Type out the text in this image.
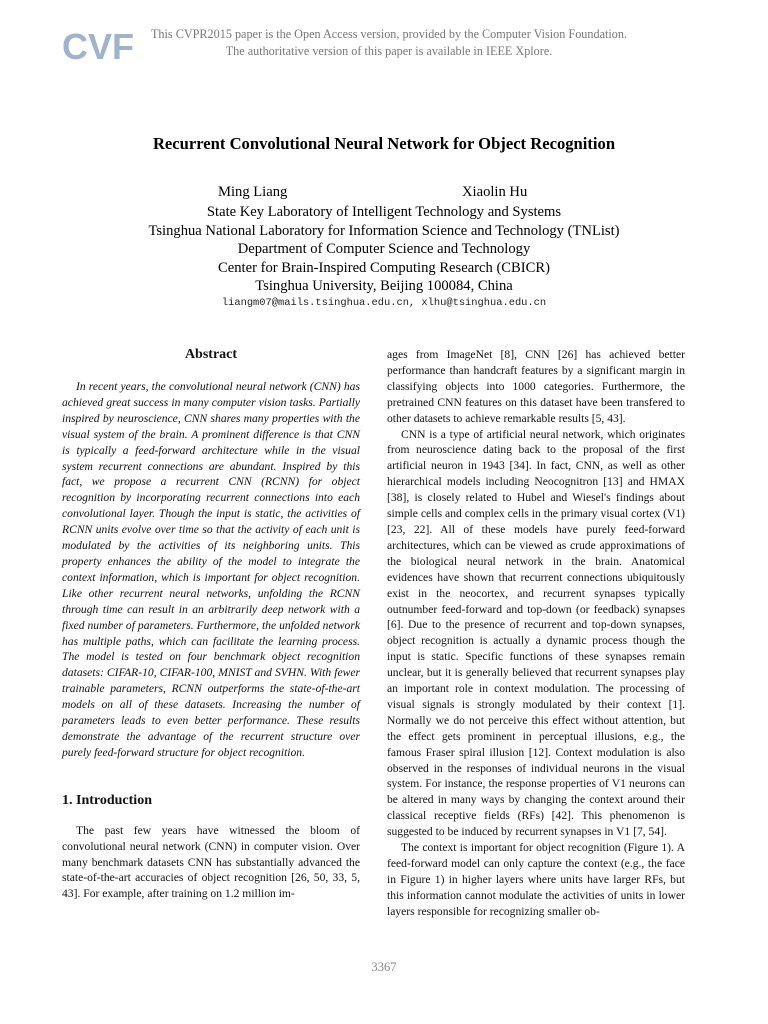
CVF	This CVPR2015 paper is the Open Access version, provided by the Computer Vision Foundation.
The authoritative version of this paper is available in IEEE Xplore.
Recurrent Convolutional Neural Network for Object Recognition
Ming Liang	Xiaolin Hu
State Key Laboratory of Intelligent Technology and Systems
Tsinghua National Laboratory for Information Science and Technology (TNList)
Department of Computer Science and Technology
Center for Brain-Inspired Computing Research (CBICR)
Tsinghua University, Beijing 100084, China
liangm07@mails.tsinghua.edu.cn, xlhu@tsinghua.edu.cn
Abstract

In recent years, the convolutional neural network (CNN) has achieved great success in many computer vision tasks. Partially inspired by neuroscience, CNN shares many properties with the visual system of the brain. A prominent difference is that CNN is typically a feed-forward architecture while in the visual system recurrent connections are abundant. Inspired by this fact, we propose a recurrent CNN (RCNN) for object recognition by incorporating recurrent connections into each convolutional layer. Though the input is static, the activities of RCNN units evolve over time so that the activity of each unit is modulated by the activities of its neighboring units. This property enhances the ability of the model to integrate the context information, which is important for object recognition. Like other recurrent neural networks, unfolding the RCNN through time can result in an arbitrarily deep network with a fixed number of parameters. Furthermore, the unfolded network has multiple paths, which can facilitate the learning process. The model is tested on four benchmark object recognition datasets: CIFAR-10, CIFAR-100, MNIST and SVHN. With fewer trainable parameters, RCNN outperforms the state-of-the-art models on all of these datasets. Increasing the number of parameters leads to even better performance. These results demonstrate the advantage of the recurrent structure over purely feed-forward structure for object recognition.

1. Introduction

The past few years have witnessed the bloom of convolutional neural network (CNN) in computer vision. Over many benchmark datasets CNN has substantially advanced the state-of-the-art accuracies of object recognition [26, 50, 33, 5, 43]. For example, after training on 1.2 million im-

ages from ImageNet [8], CNN [26] has achieved better performance than handcraft features by a significant margin in classifying objects into 1000 categories. Furthermore, the pretrained CNN features on this dataset have been transfered to other datasets to achieve remarkable results [5, 43].

CNN is a type of artificial neural network, which originates from neuroscience dating back to the proposal of the first artificial neuron in 1943 [34]. In fact, CNN, as well as other hierarchical models including Neocognitron [13] and HMAX [38], is closely related to Hubel and Wiesel's findings about simple cells and complex cells in the primary visual cortex (V1)[23, 22]. All of these models have purely feed-forward architectures, which can be viewed as crude approximations of the biological neural network in the brain. Anatomical evidences have shown that recurrent connections ubiquitously exist in the neocortex, and recurrent synapses typically outnumber feed-forward and top-down (or feedback) synapses [6]. Due to the presence of recurrent and top-down synapses, object recognition is actually a dynamic process though the input is static. Specific functions of these synapses remain unclear, but it is generally believed that recurrent synapses play an important role in context modulation. The processing of visual signals is strongly modulated by their context [1]. Normally we do not perceive this effect without attention, but the effect gets prominent in perceptual illusions, e.g., the famous Fraser spiral illusion [12]. Context modulation is also observed in the responses of individual neurons in the visual system. For instance, the response properties of V1 neurons can be altered in many ways by changing the context around their classical receptive fields (RFs) [42]. This phenomenon is suggested to be induced by recurrent synapses in V1 [7, 54].

The context is important for object recognition (Figure 1). A feed-forward model can only capture the context (e.g., the face in Figure 1) in higher layers where units have larger RFs, but this information cannot modulate the activities of units in lower layers responsible for recognizing smaller ob-

3367
